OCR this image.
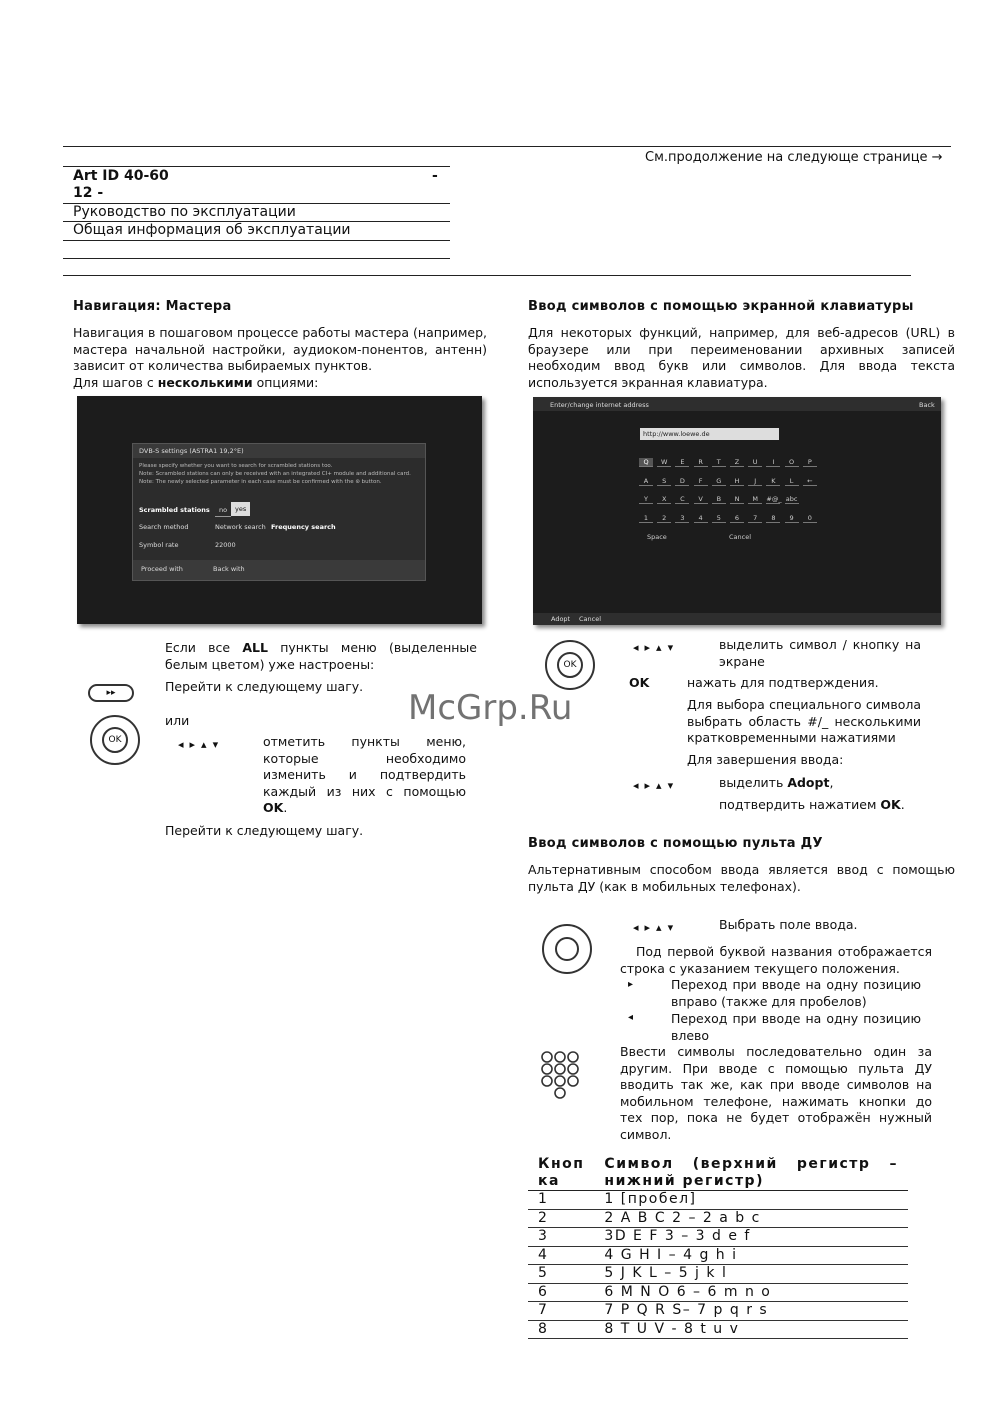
См.продолжение на следующе странице →
Art ID 40-60	-
12 -
Руководство по эксплуатации
Общая информация об эксплуатации
Навигация: Мастера
Навигация в пошаговом процессе работы мастера (например, мастера начальной настройки, аудиоком-понентов, антенн) зависит от количества выбираемых пунктов.
Для шагов с несколькими опциями:
DVB-S settings (ASTRA1 19,2°E)
Please specify whether you want to search for scrambled stations too.
Note: Scrambled stations can only be received with an integrated CI+ module and additional card.
Note: The newly selected parameter in each case must be confirmed with the ⊛ button.
Scrambled stations	no	yes
Search method	Network search Frequency search
Symbol rate	22000
Proceed with	Back with
Если все ALL пункты меню (выделенные белым цветом) уже настроены:
▸▸	Перейти к следующему шагу.
или
OK	◂▸▴▾	отметить пункты меню, которые необходимо изменить и подтвердить каждый из них с помощью OK.
Перейти к следующему шагу.
Ввод символов с помощью экранной клавиатуры
Для некоторых функций, например, для веб-адресов (URL) в браузере или при переименовании архивных записей необходим ввод букв или символов. Для ввода текста используется экранная клавиатура.
Enter/change internet address	Back
http://www.loewe.de
Q	W	E	R	T	Z	U	I	O	P
A	S	D	F	G	H	J	K	L	←
Y	X	C	V	B	N	M	#@_ abc
1	2	3	4	5	6	7	8	9	0
Space	Cancel
Adopt Cancel
OK
◂▸▴▾	выделить символ / кнопку на экране
OK	нажать для подтверждения.
Для выбора специального символа выбрать область #/_ несколькими кратковременными нажатиями
Для завершения ввода:
◂▸▴▾	выделить Adopt,
подтвердить нажатием OK.
Ввод символов с помощью пульта ДУ
Альтернативным способом ввода является ввод с помощью пульта ДУ (как в мобильных телефонах).
◂▸▴▾	Выбрать поле ввода.
Под первой буквой названия отображается строка с указанием текущего положения.
▸	Переход при вводе на одну позицию вправо (также для пробелов)
◂	Переход при вводе на одну позицию влево
Ввести символы последовательно один за другим. При вводе с помощью пульта ДУ вводить так же, как при вводе символов на мобильном телефоне, нажимать кнопки до тех пор, пока не будет отображён нужный символ.
Кноп ка	Символ (верхний регистр – нижний регистр)
1	1 [пробел]
2	2 A B C 2 – 2 a b c
3	3D E F 3 – 3 d e f
4	4 G H I – 4 g h i
5	5 J K L – 5 j k l
6	6 M N O 6 – 6 m n o
7	7 P Q R S– 7 p q r s
8	8 T U V - 8 t u v
McGrp.Ru
